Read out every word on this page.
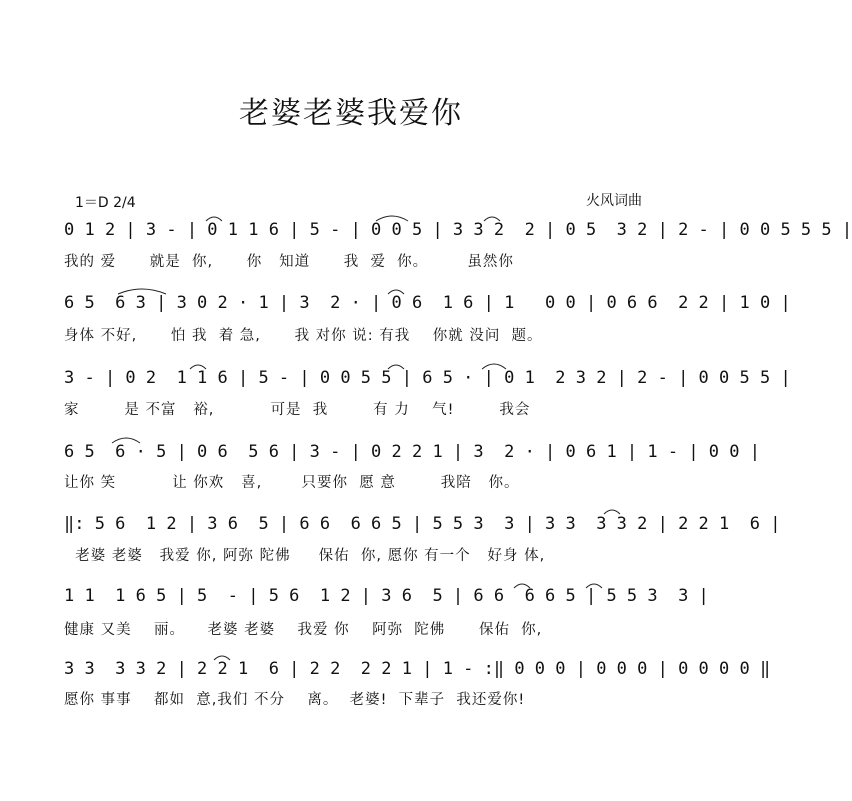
老婆老婆我爱你
1＝D 2/4	火风词曲
0 1 2 | 3 - | 0 1 1 6 | 5 - | 0 0 5 | 3 3 2  2 | 0 5  3 2 | 2 - | 0 0 5 5 5 |
我的 爱      就是  你,      你   知道      我  爱  你。       虽然你
6 5  6 3 | 3 0 2 · 1 | 3  2 · | 0 6  1 6 | 1   0 0 | 0 6 6  2 2 | 1 0 |
身体 不好,      怕 我  着 急,      我 对你 说: 有我    你就 没问  题。
3 - | 0 2  1 1 6 | 5 - | 0 0 5 5 | 6 5 · | 0 1  2 3 2 | 2 - | 0 0 5 5 |
家        是 不富   裕,          可是  我        有 力    气!        我会
6 5  6 · 5 | 0 6  5 6 | 3 - | 0 2 2 1 | 3  2 · | 0 6 1 | 1 - | 0 0 |
让你 笑          让 你欢   喜,       只要你  愿 意        我陪   你。
‖: 5 6  1 2 | 3 6  5 | 6 6  6 6 5 | 5 5 3  3 | 3 3  3 3 2 | 2 2 1  6 |
老婆 老婆   我爱 你, 阿弥 陀佛     保佑  你, 愿你 有一个   好身 体,
1 1  1 6 5 | 5  - | 5 6  1 2 | 3 6  5 | 6 6  6 6 5 | 5 5 3  3 |
健康 又美    丽。    老婆 老婆    我爱 你    阿弥  陀佛      保佑  你,
3 3  3 3 2 | 2 2 1  6 | 2 2  2 2 1 | 1 - :‖ 0 0 0 | 0 0 0 | 0 0 0 0 ‖
愿你 事事    都如  意,我们 不分    离。  老婆!  下辈子  我还爱你!
